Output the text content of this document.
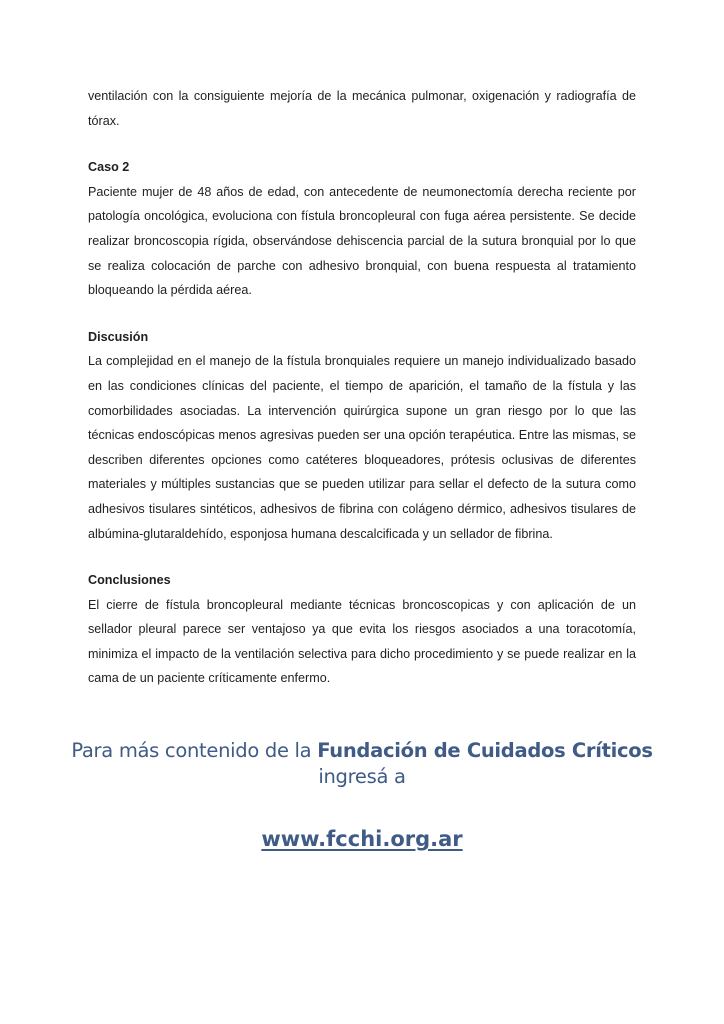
ventilación con la consiguiente mejoría de la mecánica pulmonar, oxigenación y radiografía de tórax.

Caso 2

Paciente mujer de 48 años de edad, con antecedente de neumonectomía derecha reciente por patología oncológica, evoluciona con fístula broncopleural con fuga aérea persistente. Se decide realizar broncoscopia rígida, observándose dehiscencia parcial de la sutura bronquial por lo que se realiza colocación de parche con adhesivo bronquial, con buena respuesta al tratamiento bloqueando la pérdida aérea.

Discusión

La complejidad en el manejo de la fístula bronquiales requiere un manejo individualizado basado en las condiciones clínicas del paciente, el tiempo de aparición, el tamaño de la fístula y las comorbilidades asociadas. La intervención quirúrgica supone un gran riesgo por lo que las técnicas endoscópicas menos agresivas pueden ser una opción terapéutica. Entre las mismas, se describen diferentes opciones como catéteres bloqueadores, prótesis oclusivas de diferentes materiales y múltiples sustancias que se pueden utilizar para sellar el defecto de la sutura como adhesivos tisulares sintéticos, adhesivos de fibrina con colágeno dérmico, adhesivos tisulares de albúmina-glutaraldehído, esponjosa humana descalcificada y un sellador de fibrina.

Conclusiones

El cierre de fístula broncopleural mediante técnicas broncoscopicas y con aplicación de un sellador pleural parece ser ventajoso ya que evita los riesgos asociados a una toracotomía, minimiza el impacto de la ventilación selectiva para dicho procedimiento y se puede realizar en la cama de un paciente críticamente enfermo.

Para más contenido de la Fundación de Cuidados Críticos
ingresá a
www.fcchi.org.ar
